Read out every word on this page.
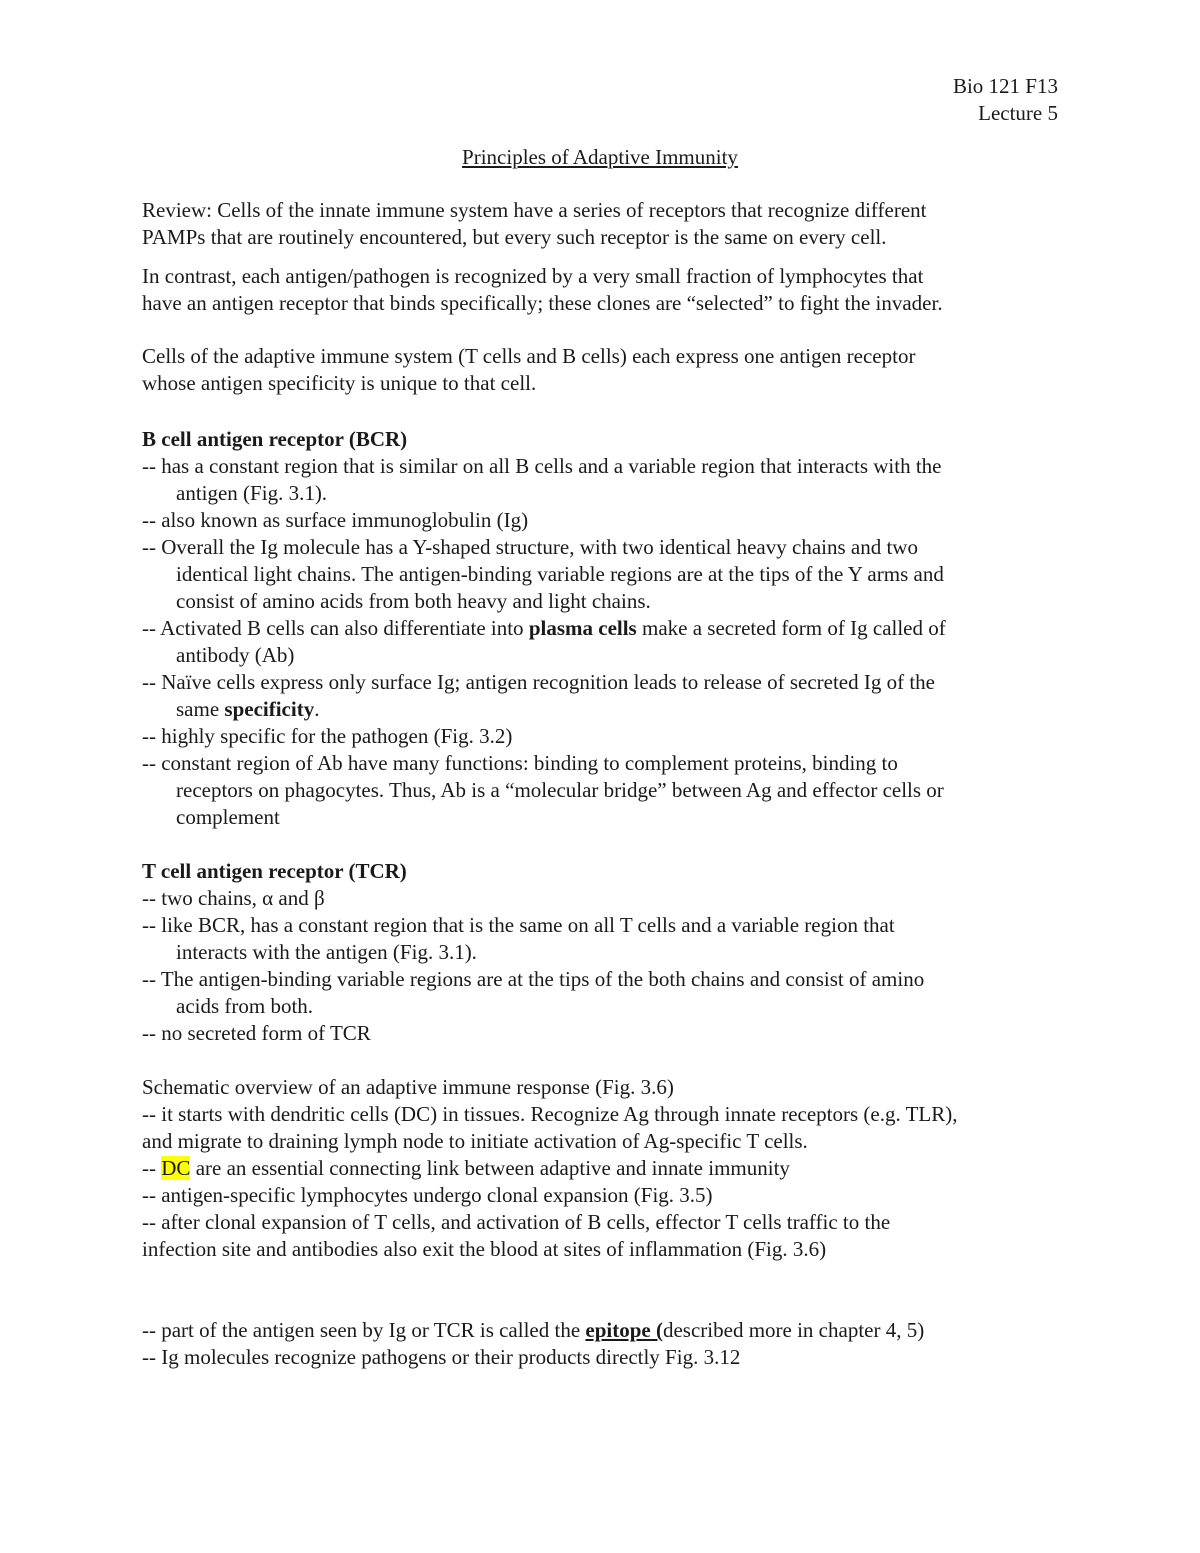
Bio 121 F13
Lecture 5
Principles of Adaptive Immunity
Review: Cells of the innate immune system have a series of receptors that recognize different
PAMPs that are routinely encountered, but every such receptor is the same on every cell.
In contrast, each antigen/pathogen is recognized by a very small fraction of lymphocytes that
have an antigen receptor that binds specifically; these clones are “selected” to fight the invader.
Cells of the adaptive immune system (T cells and B cells) each express one antigen receptor
whose antigen specificity is unique to that cell.
B cell antigen receptor (BCR)
-- has a constant region that is similar on all B cells and a variable region that interacts with the
antigen (Fig. 3.1).
-- also known as surface immunoglobulin (Ig)
-- Overall the Ig molecule has a Y-shaped structure, with two identical heavy chains and two
identical light chains. The antigen-binding variable regions are at the tips of the Y arms and
consist of amino acids from both heavy and light chains.
-- Activated B cells can also differentiate into plasma cells make a secreted form of Ig called of
antibody (Ab)
-- Naïve cells express only surface Ig; antigen recognition leads to release of secreted Ig of the
same specificity.
-- highly specific for the pathogen (Fig. 3.2)
-- constant region of Ab have many functions: binding to complement proteins, binding to
receptors on phagocytes. Thus, Ab is a “molecular bridge” between Ag and effector cells or
complement
T cell antigen receptor (TCR)
-- two chains, α and β
-- like BCR, has a constant region that is the same on all T cells and a variable region that
interacts with the antigen (Fig. 3.1).
-- The antigen-binding variable regions are at the tips of the both chains and consist of amino
acids from both.
-- no secreted form of TCR
Schematic overview of an adaptive immune response (Fig. 3.6)
-- it starts with dendritic cells (DC) in tissues. Recognize Ag through innate receptors (e.g. TLR),
and migrate to draining lymph node to initiate activation of Ag-specific T cells.
-- DC are an essential connecting link between adaptive and innate immunity
-- antigen-specific lymphocytes undergo clonal expansion (Fig. 3.5)
-- after clonal expansion of T cells, and activation of B cells, effector T cells traffic to the
infection site and antibodies also exit the blood at sites of inflammation (Fig. 3.6)
-- part of the antigen seen by Ig or TCR is called the epitope (described more in chapter 4, 5)
-- Ig molecules recognize pathogens or their products directly Fig. 3.12
